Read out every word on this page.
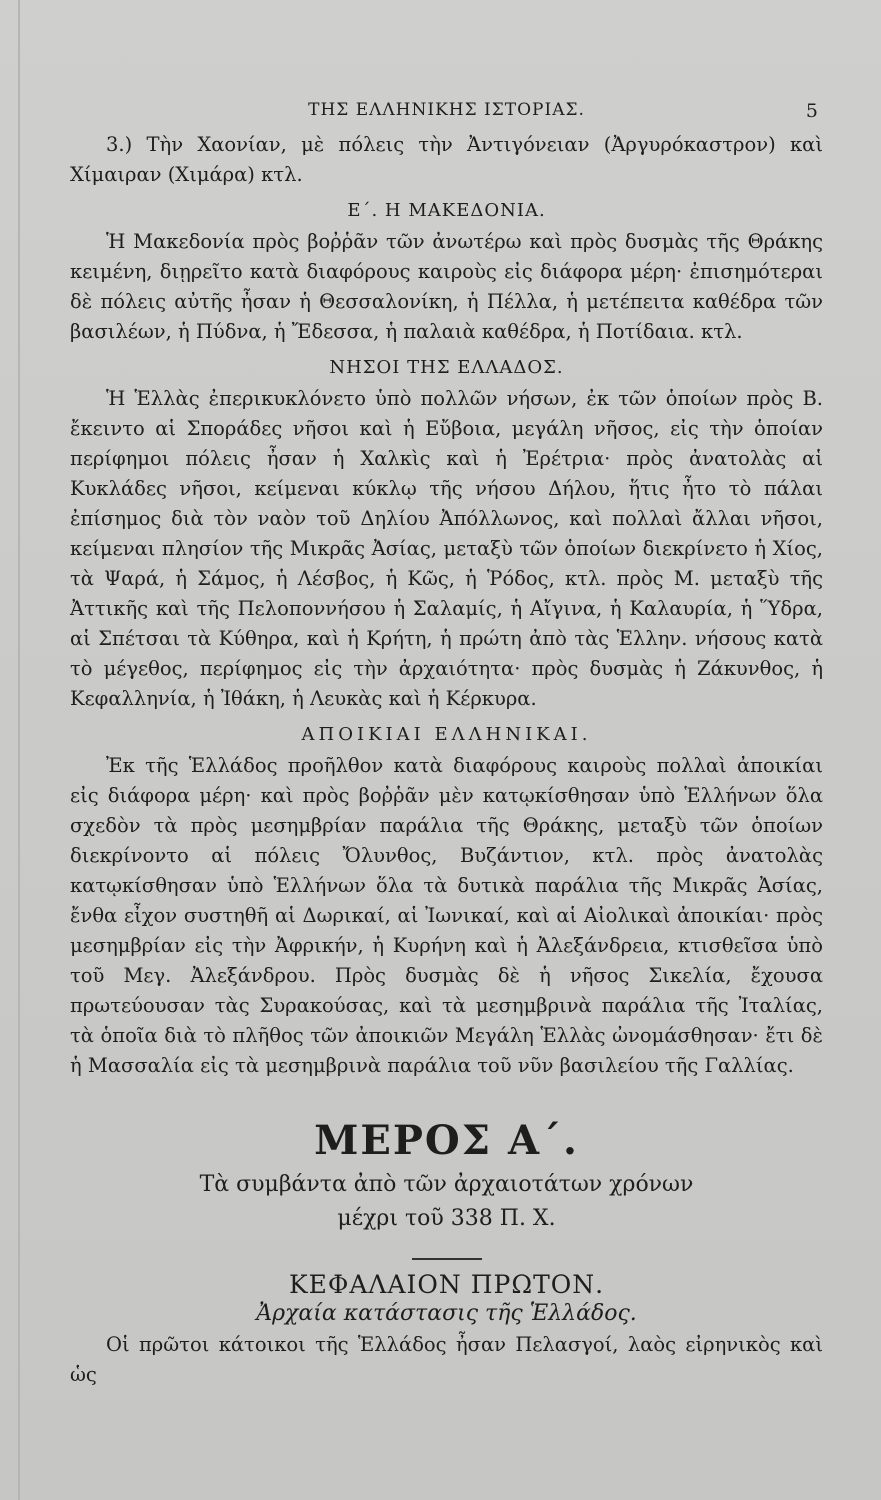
ΤΗΣ ΕΛΛΗΝΙΚΗΣ ΙΣΤΟΡΙΑΣ.	5

3.) Τὴν Χαονίαν, μὲ πόλεις τὴν Ἀντιγόνειαν (Ἀργυρόκαστρον) καὶ Χίμαιραν (Χιμάρα) κτλ.

Ε΄. Η ΜΑΚΕΔΟΝΙΑ.

Ἡ Μακεδονία πρὸς βοῤῥᾶν τῶν ἀνωτέρω καὶ πρὸς δυσμὰς τῆς Θράκης κειμένη, διῃρεῖτο κατὰ διαφόρους καιροὺς εἰς διάφορα μέρη· ἐπισημότεραι δὲ πόλεις αὐτῆς ἦσαν ἡ Θεσσαλονίκη, ἡ Πέλλα, ἡ μετέπειτα καθέδρα τῶν βασιλέων, ἡ Πύδνα, ἡ Ἔδεσσα, ἡ παλαιὰ καθέδρα, ἡ Ποτίδαια. κτλ.

ΝΗΣΟΙ ΤΗΣ ΕΛΛΑΔΟΣ.

Ἡ Ἑλλὰς ἐπερικυκλόνετο ὑπὸ πολλῶν νήσων, ἐκ τῶν ὁποίων πρὸς Β. ἔκειντο αἱ Σποράδες νῆσοι καὶ ἡ Εὔβοια, μεγάλη νῆσος, εἰς τὴν ὁποίαν περίφημοι πόλεις ἦσαν ἡ Χαλκὶς καὶ ἡ Ἐρέτρια· πρὸς ἀνατολὰς αἱ Κυκλάδες νῆσοι, κείμεναι κύκλῳ τῆς νήσου Δήλου, ἥτις ἦτο τὸ πάλαι ἐπίσημος διὰ τὸν ναὸν τοῦ Δηλίου Ἀπόλλωνος, καὶ πολλαὶ ἄλλαι νῆσοι, κείμεναι πλησίον τῆς Μικρᾶς Ἀσίας, μεταξὺ τῶν ὁποίων διεκρίνετο ἡ Χίος, τὰ Ψαρά, ἡ Σάμος, ἡ Λέσβος, ἡ Κῶς, ἡ Ῥόδος, κτλ. πρὸς Μ. μεταξὺ τῆς Ἀττικῆς καὶ τῆς Πελοποννήσου ἡ Σαλαμίς, ἡ Αἴγινα, ἡ Καλαυρία, ἡ Ὕδρα, αἱ Σπέτσαι τὰ Κύθηρα, καὶ ἡ Κρήτη, ἡ πρώτη ἀπὸ τὰς Ἑλλην. νήσους κατὰ τὸ μέγεθος, περίφημος εἰς τὴν ἀρχαιότητα· πρὸς δυσμὰς ἡ Ζάκυνθος, ἡ Κεφαλληνία, ἡ Ἰθάκη, ἡ Λευκὰς καὶ ἡ Κέρκυρα.

ΑΠΟΙΚΙΑΙ ΕΛΛΗΝΙΚΑΙ.

Ἐκ τῆς Ἑλλάδος προῆλθον κατὰ διαφόρους καιροὺς πολλαὶ ἀποικίαι εἰς διάφορα μέρη· καὶ πρὸς βοῤῥᾶν μὲν κατῳκίσθησαν ὑπὸ Ἑλλήνων ὅλα σχεδὸν τὰ πρὸς μεσημβρίαν παράλια τῆς Θράκης, μεταξὺ τῶν ὁποίων διεκρίνοντο αἱ πόλεις Ὄλυνθος, Βυζάντιον, κτλ. πρὸς ἀνατολὰς κατῳκίσθησαν ὑπὸ Ἑλλήνων ὅλα τὰ δυτικὰ παράλια τῆς Μικρᾶς Ἀσίας, ἔνθα εἶχον συστηθῆ αἱ Δωρικαί, αἱ Ἰωνικαί, καὶ αἱ Αἰολικαὶ ἀποικίαι· πρὸς μεσημβρίαν εἰς τὴν Ἀφρικήν, ἡ Κυρήνη καὶ ἡ Ἀλεξάνδρεια, κτισθεῖσα ὑπὸ τοῦ Μεγ. Ἀλεξάνδρου. Πρὸς δυσμὰς δὲ ἡ νῆσος Σικελία, ἔχουσα πρωτεύουσαν τὰς Συρακούσας, καὶ τὰ μεσημβρινὰ παράλια τῆς Ἰταλίας, τὰ ὁποῖα διὰ τὸ πλῆθος τῶν ἀποικιῶν Μεγάλη Ἑλλὰς ὠνομάσθησαν· ἔτι δὲ ἡ Μασσαλία εἰς τὰ μεσημβρινὰ παράλια τοῦ νῦν βασιλείου τῆς Γαλλίας.

ΜΕΡΟΣ Α΄.

Τὰ συμβάντα ἀπὸ τῶν ἀρχαιοτάτων χρόνων

μέχρι τοῦ 338 Π. Χ.

ΚΕΦΑΛΑΙΟΝ ΠΡΩΤΟΝ.
Ἀρχαία κατάστασις τῆς Ἑλλάδος.

Οἱ πρῶτοι κάτοικοι τῆς Ἑλλάδος ἦσαν Πελασγοί, λαὸς εἰρηνικὸς καὶ ὡς
